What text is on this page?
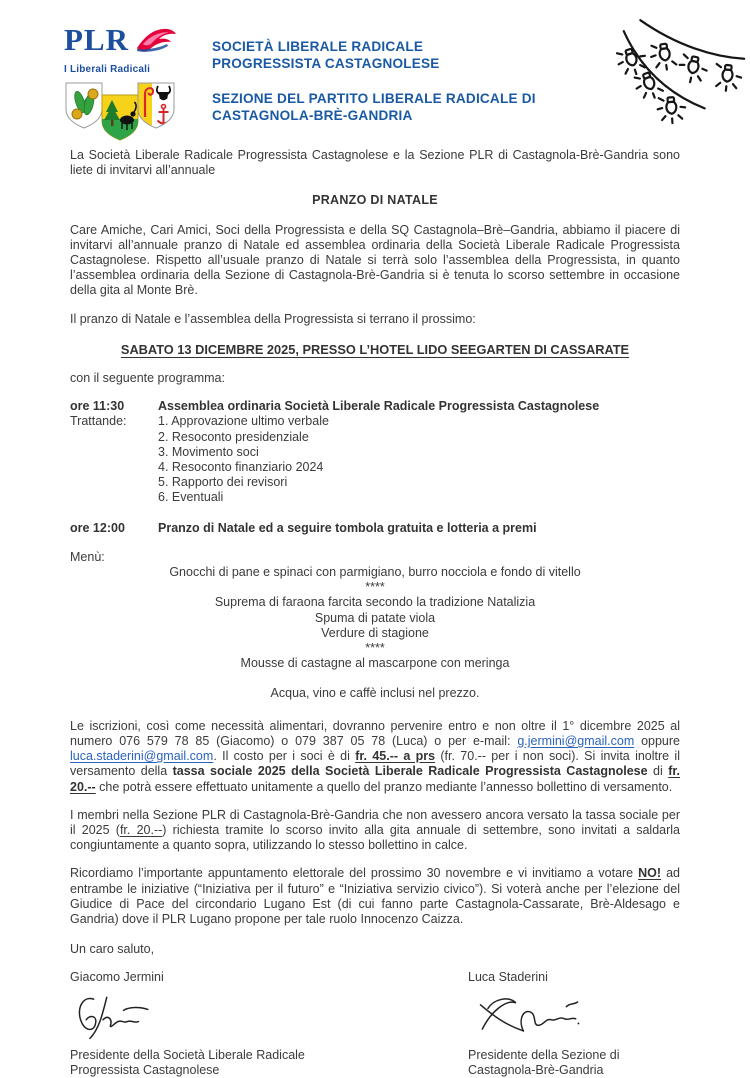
PLR
I Liberali Radicali
SOCIETÀ LIBERALE RADICALE
PROGRESSISTA CASTAGNOLESE
SEZIONE DEL PARTITO LIBERALE RADICALE DI
CASTAGNOLA-BRÈ-GANDRIA

La Società Liberale Radicale Progressista Castagnolese e la Sezione PLR di Castagnola-Brè-Gandria sono liete di invitarvi all’annuale

PRANZO DI NATALE

Care Amiche, Cari Amici, Soci della Progressista e della SQ Castagnola–Brè–Gandria, abbiamo il piacere di invitarvi all’annuale pranzo di Natale ed assemblea ordinaria della Società Liberale Radicale Progressista Castagnolese. Rispetto all’usuale pranzo di Natale si terrà solo l’assemblea della Progressista, in quanto l’assemblea ordinaria della Sezione di Castagnola-Brè-Gandria si è tenuta lo scorso settembre in occasione della gita al Monte Brè.

Il pranzo di Natale e l’assemblea della Progressista si terrano il prossimo:

SABATO 13 DICEMBRE 2025, PRESSO L’HOTEL LIDO SEEGARTEN DI CASSARATE

con il seguente programma:

ore 11:30	Assemblea ordinaria Società Liberale Radicale Progressista Castagnolese
Trattande:	1. Approvazione ultimo verbale
2. Resoconto presidenziale
3. Movimento soci
4. Resoconto finanziario 2024
5. Rapporto dei revisori
6. Eventuali
ore 12:00	Pranzo di Natale ed a seguire tombola gratuita e lotteria a premi
Menù:
Gnocchi di pane e spinaci con parmigiano, burro nocciola e fondo di vitello
****
Suprema di faraona farcita secondo la tradizione Natalizia
Spuma di patate viola
Verdure di stagione
****
Mousse di castagne al mascarpone con meringa
Acqua, vino e caffè inclusi nel prezzo.

Le iscrizioni, così come necessità alimentari, dovranno pervenire entro e non oltre il 1° dicembre 2025 al numero 076 579 78 85 (Giacomo) o 079 387 05 78 (Luca) o per e-mail: g.jermini@gmail.com oppure luca.staderini@gmail.com. Il costo per i soci è di fr. 45.-- a prs (fr. 70.-- per i non soci). Si invita inoltre il versamento della tassa sociale 2025 della Società Liberale Radicale Progressista Castagnolese di fr. 20.-- che potrà essere effettuato unitamente a quello del pranzo mediante l’annesso bollettino di versamento.

I membri nella Sezione PLR di Castagnola-Brè-Gandria che non avessero ancora versato la tassa sociale per il 2025 (fr. 20.--) richiesta tramite lo scorso invito alla gita annuale di settembre, sono invitati a saldarla congiuntamente a quanto sopra, utilizzando lo stesso bollettino in calce.

Ricordiamo l’importante appuntamento elettorale del prossimo 30 novembre e vi invitiamo a votare NO! ad entrambe le iniziative (“Iniziativa per il futuro” e “Iniziativa servizio civico”). Si voterà anche per l’elezione del Giudice di Pace del circondario Lugano Est (di cui fanno parte Castagnola-Cassarate, Brè-Aldesago e Gandria) dove il PLR Lugano propone per tale ruolo Innocenzo Caizza.

Un caro saluto,

Giacomo Jermini
Presidente della Società Liberale Radicale
Progressista Castagnolese
Luca Staderini
Presidente della Sezione di
Castagnola-Brè-Gandria
